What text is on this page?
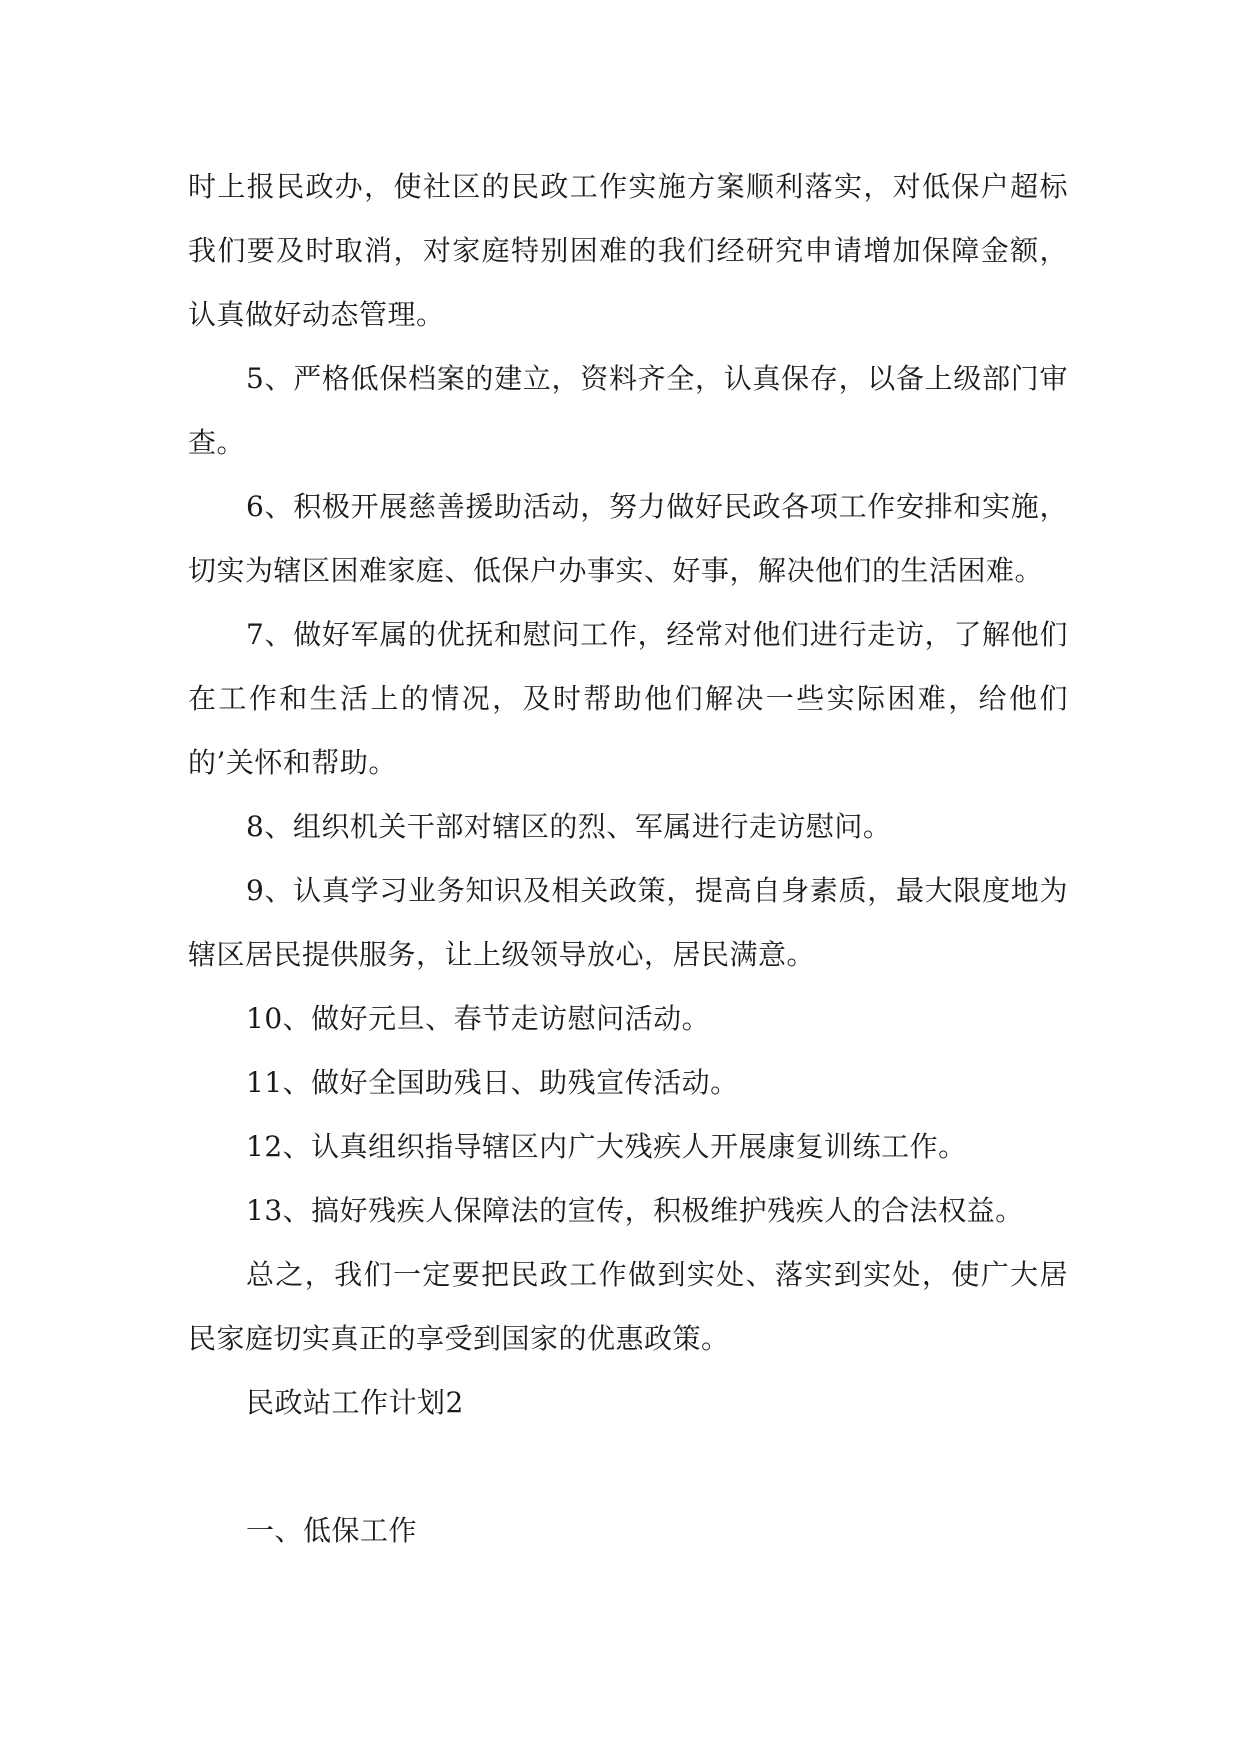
时上报民政办，使社区的民政工作实施方案顺利落实，对低保户超标我们要及时取消，对家庭特别困难的我们经研究申请增加保障金额，认真做好动态管理。

5、严格低保档案的建立，资料齐全，认真保存，以备上级部门审查。

6、积极开展慈善援助活动，努力做好民政各项工作安排和实施，切实为辖区困难家庭、低保户办事实、好事，解决他们的生活困难。

7、做好军属的优抚和慰问工作，经常对他们进行走访，了解他们在工作和生活上的情况，及时帮助他们解决一些实际困难，给他们的’关怀和帮助。

8、组织机关干部对辖区的烈、军属进行走访慰问。

9、认真学习业务知识及相关政策，提高自身素质，最大限度地为辖区居民提供服务，让上级领导放心，居民满意。

10、做好元旦、春节走访慰问活动。

11、做好全国助残日、助残宣传活动。

12、认真组织指导辖区内广大残疾人开展康复训练工作。

13、搞好残疾人保障法的宣传，积极维护残疾人的合法权益。

总之，我们一定要把民政工作做到实处、落实到实处，使广大居民家庭切实真正的享受到国家的优惠政策。

民政站工作计划2

一、低保工作
